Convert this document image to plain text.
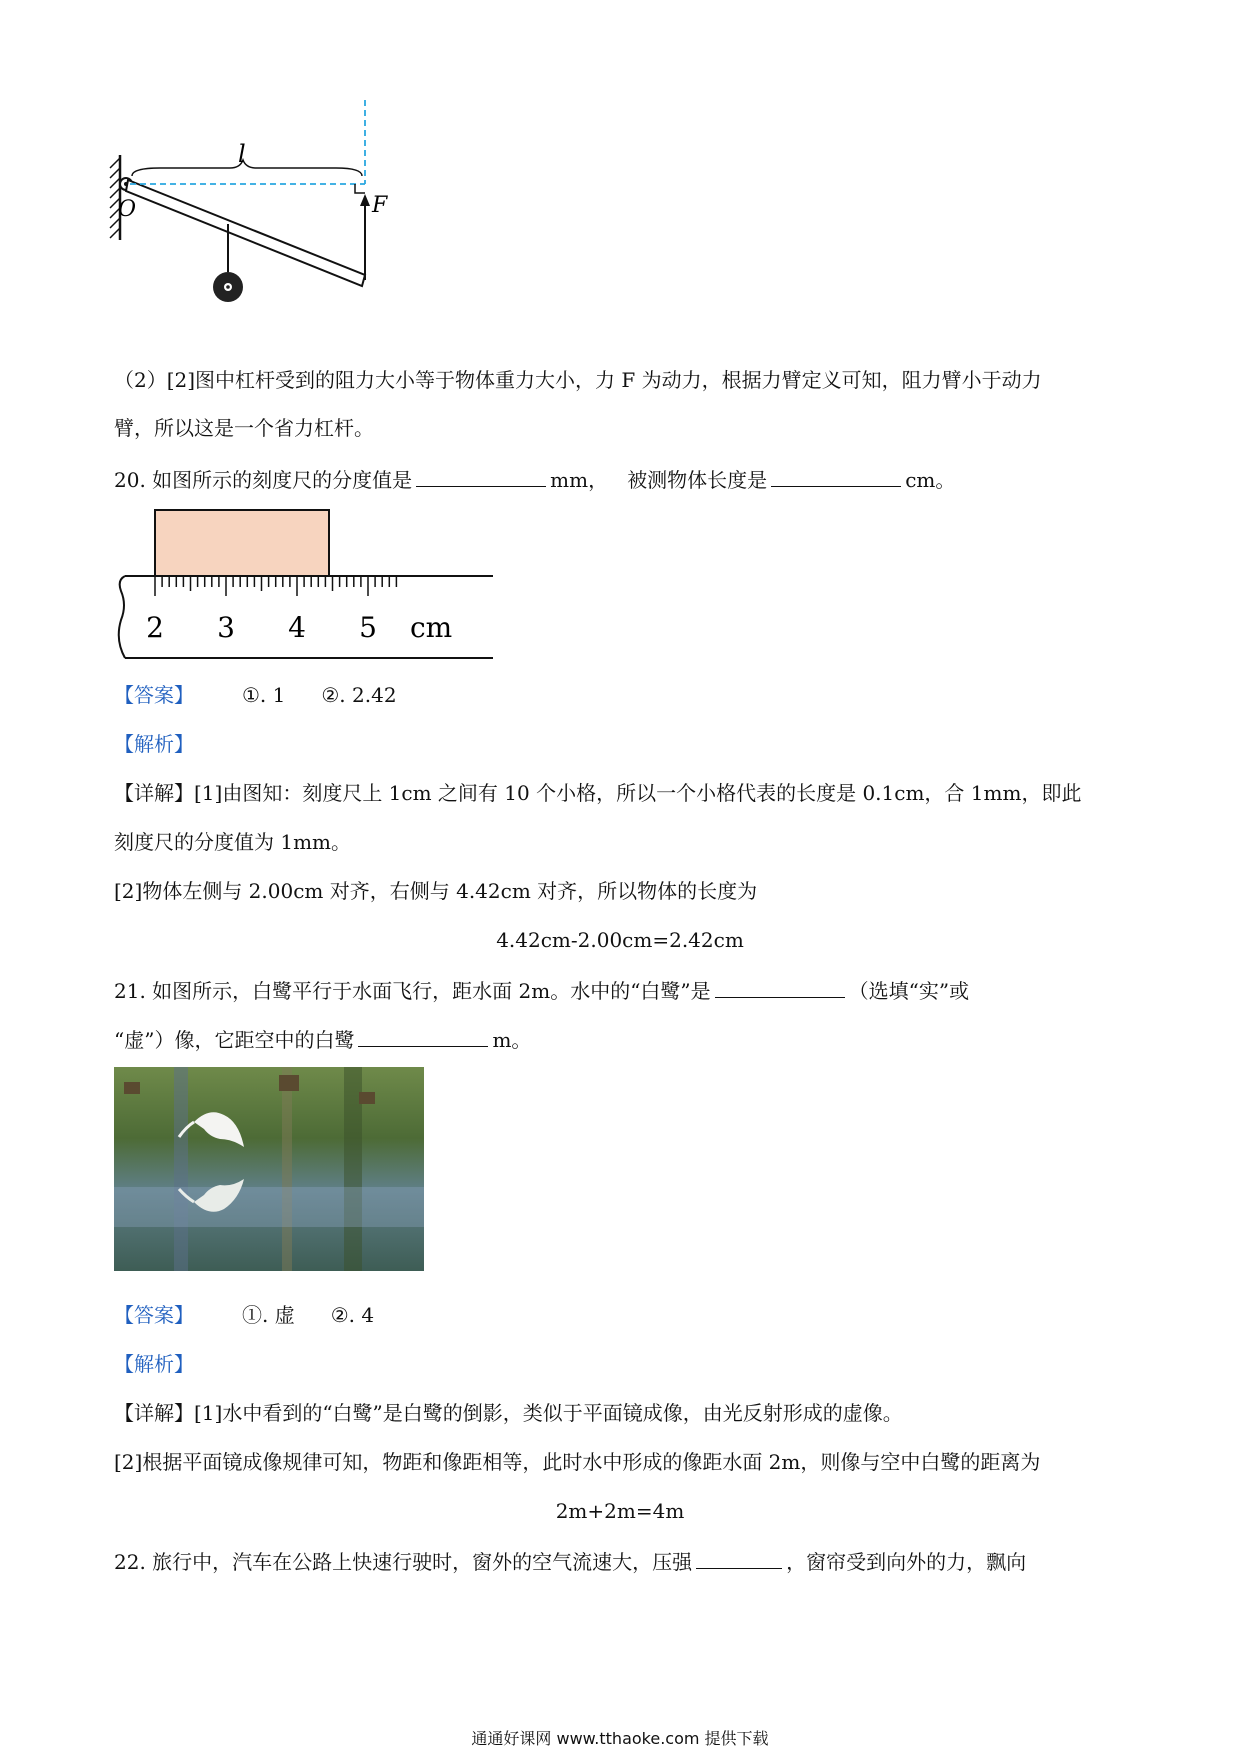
l
O	F
（2）[2]图中杠杆受到的阻力大小等于物体重力大小，力 F 为动力，根据力臂定义可知，阻力臂小于动力
臂，所以这是一个省力杠杆。
20. 如图所示的刻度尺的分度值是	mm， 被测物体长度是	cm。
2 3 4 5 cm
【答案】 ①. 1 ②. 2.42
【解析】
【详解】[1]由图知：刻度尺上 1cm 之间有 10 个小格，所以一个小格代表的长度是 0.1cm，合 1mm，即此
刻度尺的分度值为 1mm。
[2]物体左侧与 2.00cm 对齐，右侧与 4.42cm 对齐，所以物体的长度为
4.42cm-2.00cm=2.42cm
21. 如图所示，白鹭平行于水面飞行，距水面 2m。水中的“白鹭”是	（选填“实”或
“虚”）像，它距空中的白鹭	m。
【答案】 ①. 虚 ②. 4
【解析】
【详解】[1]水中看到的“白鹭”是白鹭的倒影，类似于平面镜成像，由光反射形成的虚像。
[2]根据平面镜成像规律可知，物距和像距相等，此时水中形成的像距水面 2m，则像与空中白鹭的距离为
2m+2m=4m
22. 旅行中，汽车在公路上快速行驶时，窗外的空气流速大，压强	，窗帘受到向外的力，飘向
通通好课网 www.tthaoke.com 提供下载
